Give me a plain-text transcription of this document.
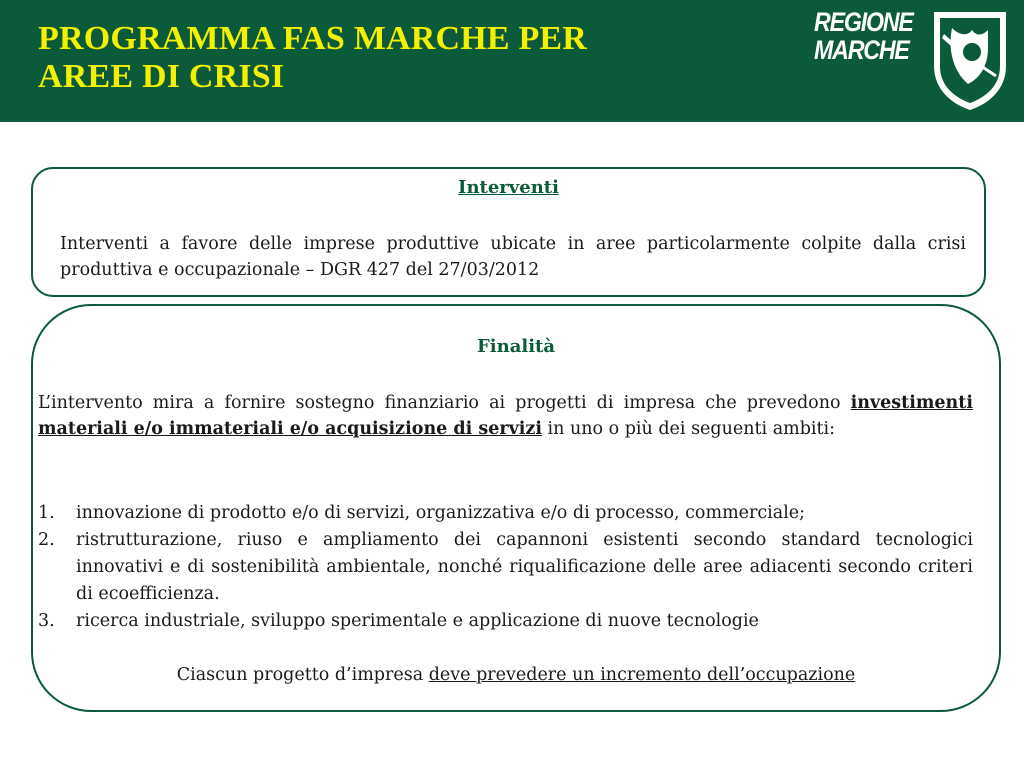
PROGRAMMA FAS MARCHE PER
AREE DI CRISI
REGIONE
MARCHE
Interventi
Interventi a favore delle imprese produttive ubicate in aree particolarmente colpite dalla crisi produttiva e occupazionale – DGR 427 del 27/03/2012
Finalità
L’intervento mira a fornire sostegno finanziario ai progetti di impresa che prevedono investimenti materiali e/o immateriali e/o acquisizione di servizi in uno o più dei seguenti ambiti:
1. innovazione di prodotto e/o di servizi, organizzativa e/o di processo, commerciale;
2. ristrutturazione, riuso e ampliamento dei capannoni esistenti secondo standard tecnologici innovativi e di sostenibilità ambientale, nonché riqualificazione delle aree adiacenti secondo criteri di ecoefficienza.
3. ricerca industriale, sviluppo sperimentale e applicazione di nuove tecnologie
Ciascun progetto d’impresa deve prevedere un incremento dell’occupazione
